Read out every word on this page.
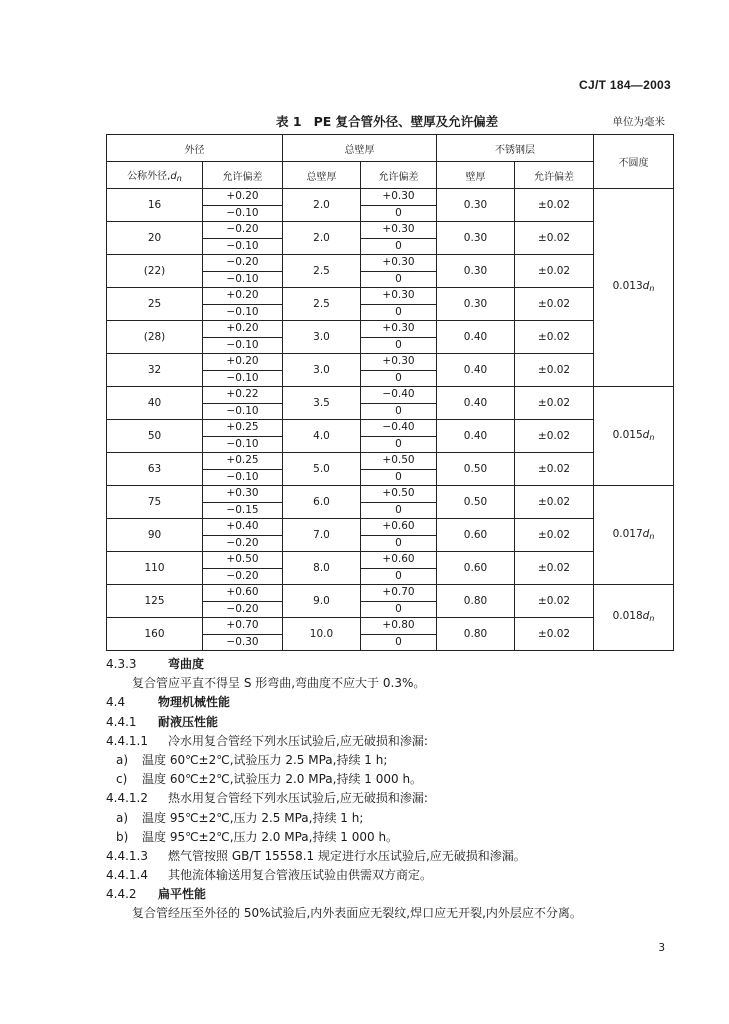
CJ/T 184—2003
表 1 PE 复合管外径、壁厚及允许偏差	单位为毫米
外径		总壁厚		不锈钢层		不圆度
公称外径$,d_n$	允许偏差	总壁厚	允许偏差	壁厚	允许偏差	
16	+0.20	2.0	+0.30	0.30	±0.02	0.013dn
	−0.10		0			
20	−0.20	2.0	+0.30	0.30	±0.02	
	−0.10		0			
(22)	−0.20	2.5	+0.30	0.30	±0.02	
	−0.10		0			
25	+0.20	2.5	+0.30	0.30	±0.02	
	−0.10		0			
(28)	+0.20	3.0	+0.30	0.40	±0.02	
	−0.10		0			
32	+0.20	3.0	+0.30	0.40	±0.02	
	−0.10		0			
40	+0.22	3.5	−0.40	0.40	±0.02	0.015dn
	−0.10		0			
50	+0.25	4.0	−0.40	0.40	±0.02	
	−0.10		0			
63	+0.25	5.0	+0.50	0.50	±0.02	
	−0.10		0			
75	+0.30	6.0	+0.50	0.50	±0.02	0.017dn
	−0.15		0			
90	+0.40	7.0	+0.60	0.60	±0.02	
	−0.20		0			
110	+0.50	8.0	+0.60	0.60	±0.02	
	−0.20		0			
125	+0.60	9.0	+0.70	0.80	±0.02	0.018dn
	−0.20		0			
160	+0.70	10.0	+0.80	0.80	±0.02	
	−0.30		0			
4.3.3	弯曲度
复合管应平直不得呈 S 形弯曲,弯曲度不应大于 0.3%。
4.4	物理机械性能
4.4.1 耐液压性能
4.4.1.1 冷水用复合管经下列水压试验后,应无破损和渗漏:
a) 温度 60℃±2℃,试验压力 2.5 MPa,持续 1 h;
c) 温度 60℃±2℃,试验压力 2.0 MPa,持续 1 000 h。
4.4.1.2 热水用复合管经下列水压试验后,应无破损和渗漏:
a) 温度 95℃±2℃,压力 2.5 MPa,持续 1 h;
b) 温度 95℃±2℃,压力 2.0 MPa,持续 1 000 h。
4.4.1.3 燃气管按照 GB/T 15558.1 规定进行水压试验后,应无破损和渗漏。
4.4.1.4 其他流体输送用复合管液压试验由供需双方商定。
4.4.2 扁平性能
复合管经压至外径的 50%试验后,内外表面应无裂纹,焊口应无开裂,内外层应不分离。
3
